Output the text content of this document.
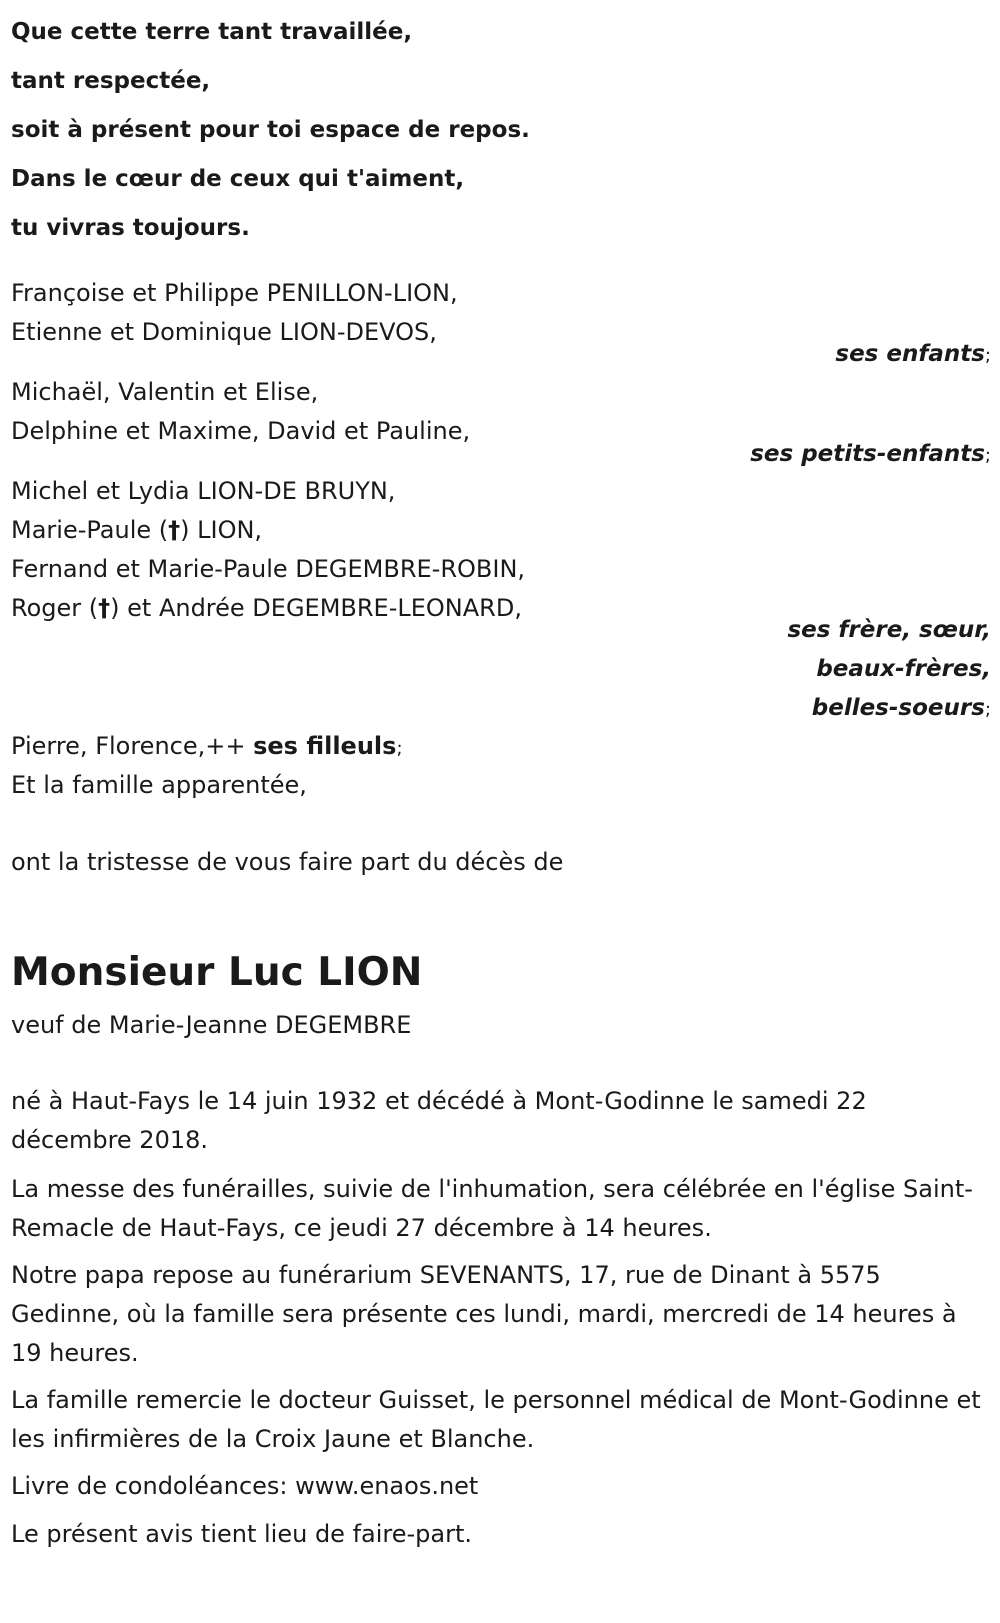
Que cette terre tant travaillée,
tant respectée,
soit à présent pour toi espace de repos.
Dans le cœur de ceux qui t'aiment,
tu vivras toujours.
Françoise et Philippe PENILLON-LION,
Etienne et Dominique LION-DEVOS,
ses enfants;
Michaël, Valentin et Elise,
Delphine et Maxime, David et Pauline,
ses petits-enfants;
Michel et Lydia LION-DE BRUYN,
Marie-Paule (†) LION,
Fernand et Marie-Paule DEGEMBRE-ROBIN,
Roger (†) et Andrée DEGEMBRE-LEONARD,
ses frère, sœur,
beaux-frères,
belles-soeurs;
Pierre, Florence,++ ses filleuls;
Et la famille apparentée,
ont la tristesse de vous faire part du décès de
Monsieur Luc LION
veuf de Marie-Jeanne DEGEMBRE
né à Haut-Fays le 14 juin 1932 et décédé à Mont-Godinne le samedi 22 décembre 2018.
La messe des funérailles, suivie de l'inhumation, sera célébrée en l'église Saint-Remacle de Haut-Fays, ce jeudi 27 décembre à 14 heures.
Notre papa repose au funérarium SEVENANTS, 17, rue de Dinant à 5575 Gedinne, où la famille sera présente ces lundi, mardi, mercredi de 14 heures à 19 heures.
La famille remercie le docteur Guisset, le personnel médical de Mont-Godinne et les infirmières de la Croix Jaune et Blanche.
Livre de condoléances: www.enaos.net
Le présent avis tient lieu de faire-part.
